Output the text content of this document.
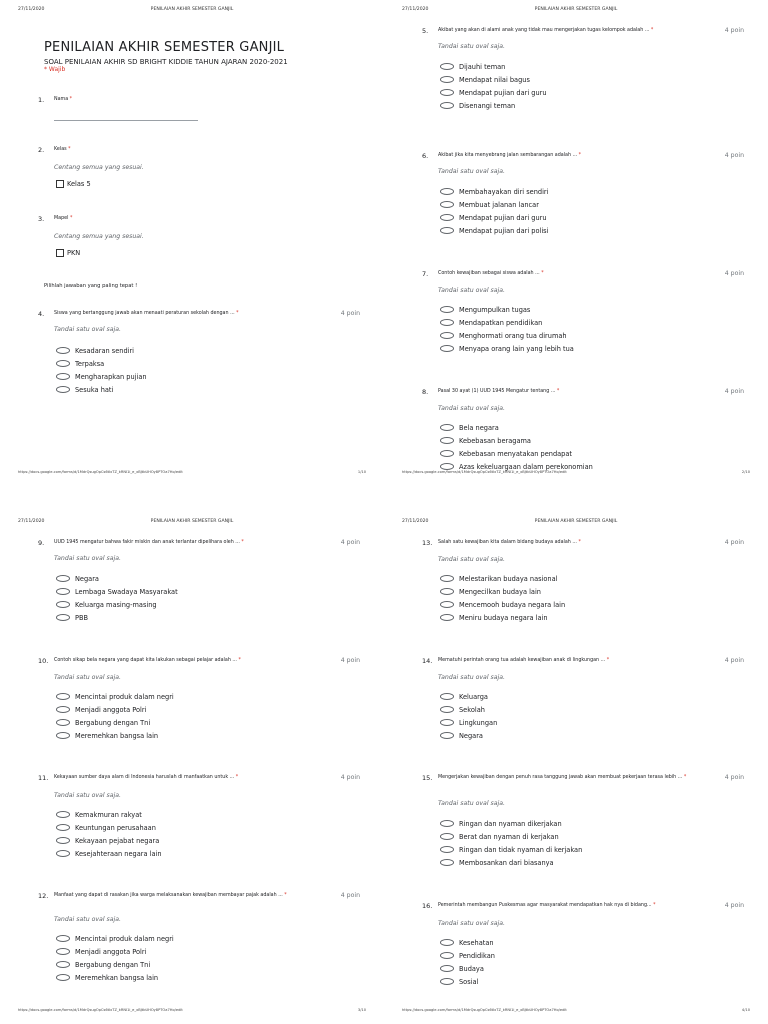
27/11/2020	PENILAIAN AKHIR SEMESTER GANJIL
PENILAIAN AKHIR SEMESTER GANJIL
SOAL PENILAIAN AKHIR SD BRIGHT KIDDIE TAHUN AJARAN 2020-2021
* Wajib
1. Nama *
2. Kelas *
Centang semua yang sesuai.
Kelas 5
3. Mapel *
Centang semua yang sesuai.
PKN
Pilihlah jawaban yang paling tepat !
4. Siswa yang bertanggung jawab akan menaati peraturan sekolah dengan ... *	4 poin
Tandai satu oval saja.
Kesadaran sendiri
Terpaksa
Mengharapkan pujian
Sesuka hati
https://docs.google.com/forms/d/1MdrQsugOpCs6tIxTZ_kRNI1i_e_xBJtbUHOy8PTOa7Ho/edit	1/10
27/11/2020	PENILAIAN AKHIR SEMESTER GANJIL
5. Akibat yang akan di alami anak yang tidak mau mengerjakan tugas kelompok adalah ... *	4 poin
Tandai satu oval saja.
Dijauhi teman
Mendapat nilai bagus
Mendapat pujian dari guru
Disenangi teman
6. Akibat jika kita menyebrang jalan sembarangan adalah ... *	4 poin
Tandai satu oval saja.
Membahayakan diri sendiri
Membuat jalanan lancar
Mendapat pujian dari guru
Mendapat pujian dari polisi
7. Contoh kewajiban sebagai siswa adalah ... *	4 poin
Tandai satu oval saja.
Mengumpulkan tugas
Mendapatkan pendidikan
Menghormati orang tua dirumah
Menyapa orang lain yang lebih tua
8. Pasal 30 ayat (1) UUD 1945 Mengatur tentang ... *	4 poin
Tandai satu oval saja.
Bela negara
Kebebasan beragama
Kebebasan menyatakan pendapat
Azas kekeluargaan dalam perekonomian
https://docs.google.com/forms/d/1MdrQsugOpCs6tIxTZ_kRNI1i_e_xBJtbUHOy8PTOa7Ho/edit	2/10
27/11/2020	PENILAIAN AKHIR SEMESTER GANJIL
9. UUD 1945 mengatur bahwa fakir miskin dan anak terlantar dipelihara oleh ... *	4 poin
Tandai satu oval saja.
Negara
Lembaga Swadaya Masyarakat
Keluarga masing-masing
PBB
10. Contoh sikap bela negara yang dapat kita lakukan sebagai pelajar adalah ... *	4 poin
Tandai satu oval saja.
Mencintai produk dalam negri
Menjadi anggota Polri
Bergabung dengan Tni
Meremehkan bangsa lain
11. Kekayaan sumber daya alam di Indonesia haruslah di manfaatkan untuk ... *	4 poin
Tandai satu oval saja.
Kemakmuran rakyat
Keuntungan perusahaan
Kekayaan pejabat negara
Kesejahteraan negara lain
12. Manfaat yang dapat di rasakan jika warga melaksanakan kewajiban membayar pajak adalah ... *	4 poin
Tandai satu oval saja.
Mencintai produk dalam negri
Menjadi anggota Polri
Bergabung dengan Tni
Meremehkan bangsa lain
https://docs.google.com/forms/d/1MdrQsugOpCs6tIxTZ_kRNI1i_e_xBJtbUHOy8PTOa7Ho/edit	3/10
27/11/2020	PENILAIAN AKHIR SEMESTER GANJIL
13. Salah satu kewajiban kita dalam bidang budaya adalah ... *	4 poin
Tandai satu oval saja.
Melestarikan budaya nasional
Mengecilkan budaya lain
Mencemooh budaya negara lain
Meniru budaya negara lain
14. Mematuhi perintah orang tua adalah kewajiban anak di lingkungan ... *	4 poin
Tandai satu oval saja.
Keluarga
Sekolah
Lingkungan
Negara
15. Mengerjakan kewajiban dengan penuh rasa tanggung jawab akan membuat pekerjaan terasa lebih ... *	4 poin
Tandai satu oval saja.
Ringan dan nyaman dikerjakan
Berat dan nyaman di kerjakan
Ringan dan tidak nyaman di kerjakan
Membosankan dari biasanya
16. Pemerintah membangun Puskesmas agar masyarakat mendapatkan hak nya di bidang... *	4 poin
Tandai satu oval saja.
Kesehatan
Pendidikan
Budaya
Sosial
https://docs.google.com/forms/d/1MdrQsugOpCs6tIxTZ_kRNI1i_e_xBJtbUHOy8PTOa7Ho/edit	4/10
